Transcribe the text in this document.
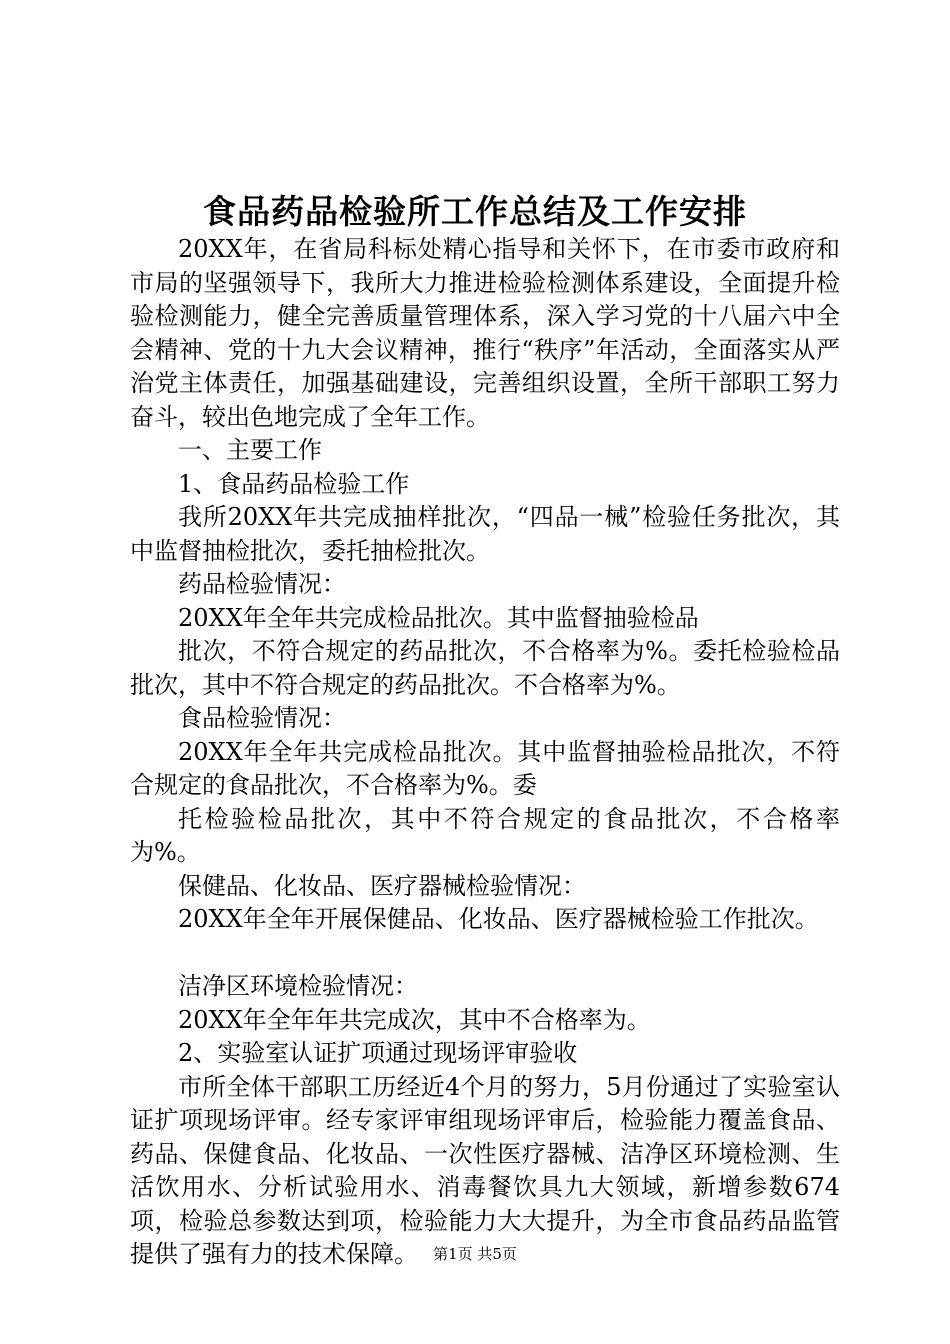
食品药品检验所工作总结及工作安排

20XX年，在省局科标处精心指导和关怀下，在市委市政府和市局的坚强领导下，我所大力推进检验检测体系建设，全面提升检验检测能力，健全完善质量管理体系，深入学习党的十八届六中全会精神、党的十九大会议精神，推行“秩序”年活动，全面落实从严治党主体责任，加强基础建设，完善组织设置，全所干部职工努力奋斗，较出色地完成了全年工作。

一、主要工作

1、食品药品检验工作

我所20XX年共完成抽样批次，“四品一械”检验任务批次，其中监督抽检批次，委托抽检批次。

药品检验情况：

20XX年全年共完成检品批次。其中监督抽验检品

批次，不符合规定的药品批次，不合格率为%。委托检验检品批次，其中不符合规定的药品批次。不合格率为%。

食品检验情况：

20XX年全年共完成检品批次。其中监督抽验检品批次，不符合规定的食品批次，不合格率为%。委

托检验检品批次，其中不符合规定的食品批次，不合格率为%。

保健品、化妆品、医疗器械检验情况：

20XX年全年开展保健品、化妆品、医疗器械检验工作批次。

洁净区环境检验情况：

20XX年全年年共完成次，其中不合格率为。

2、实验室认证扩项通过现场评审验收

市所全体干部职工历经近4个月的努力，5月份通过了实验室认证扩项现场评审。经专家评审组现场评审后，检验能力覆盖食品、药品、保健食品、化妆品、一次性医疗器械、洁净区环境检测、生活饮用水、分析试验用水、消毒餐饮具九大领域，新增参数674项，检验总参数达到项，检验能力大大提升，为全市食品药品监管提供了强有力的技术保障。	第1页 共5页
